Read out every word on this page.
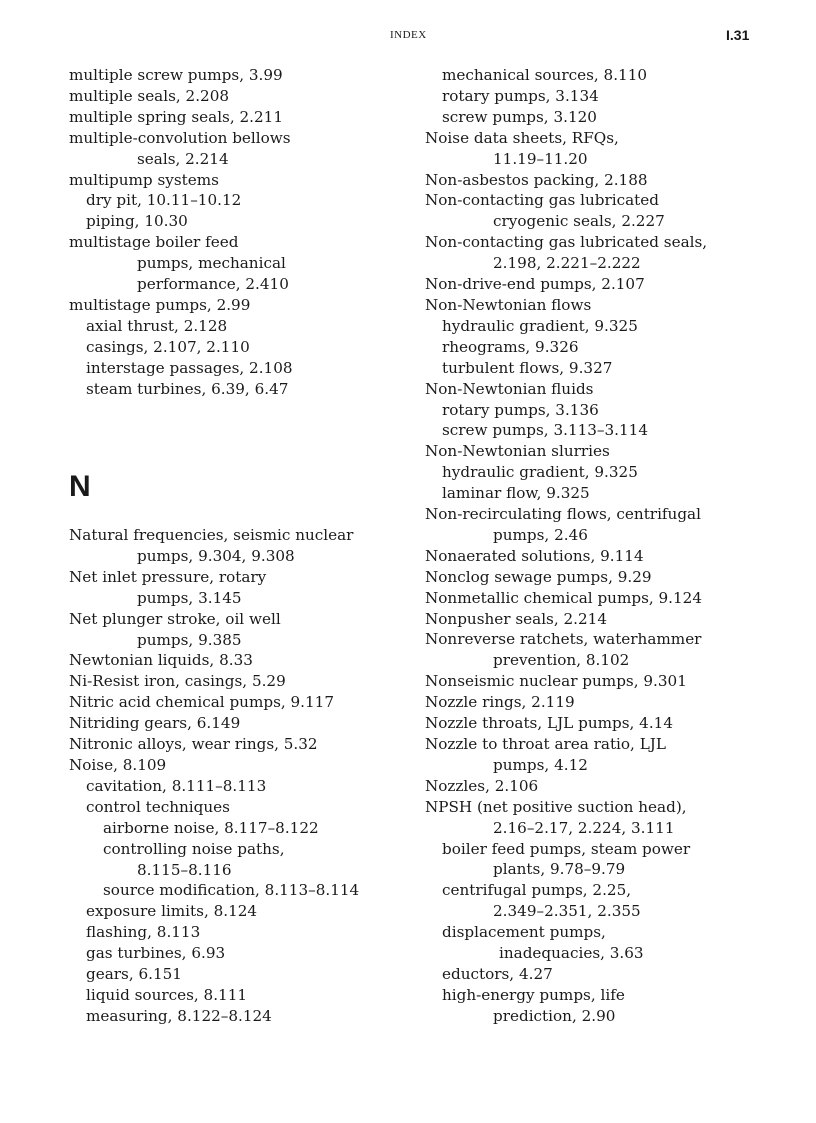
INDEX	I.31
multiple screw pumps, 3.99
multiple seals, 2.208
multiple spring seals, 2.211
multiple-convolution bellows
seals, 2.214
multipump systems
dry pit, 10.11–10.12
piping, 10.30
multistage boiler feed
pumps, mechanical
performance, 2.410
multistage pumps, 2.99
axial thrust, 2.128
casings, 2.107, 2.110
interstage passages, 2.108
steam turbines, 6.39, 6.47
N
Natural frequencies, seismic nuclear
pumps, 9.304, 9.308
Net inlet pressure, rotary
pumps, 3.145
Net plunger stroke, oil well
pumps, 9.385
Newtonian liquids, 8.33
Ni-Resist iron, casings, 5.29
Nitric acid chemical pumps, 9.117
Nitriding gears, 6.149
Nitronic alloys, wear rings, 5.32
Noise, 8.109
cavitation, 8.111–8.113
control techniques
airborne noise, 8.117–8.122
controlling noise paths,
8.115–8.116
source modification, 8.113–8.114
exposure limits, 8.124
flashing, 8.113
gas turbines, 6.93
gears, 6.151
liquid sources, 8.111
measuring, 8.122–8.124
mechanical sources, 8.110
rotary pumps, 3.134
screw pumps, 3.120
Noise data sheets, RFQs,
11.19–11.20
Non-asbestos packing, 2.188
Non-contacting gas lubricated
cryogenic seals, 2.227
Non-contacting gas lubricated seals,
2.198, 2.221–2.222
Non-drive-end pumps, 2.107
Non-Newtonian flows
hydraulic gradient, 9.325
rheograms, 9.326
turbulent flows, 9.327
Non-Newtonian fluids
rotary pumps, 3.136
screw pumps, 3.113–3.114
Non-Newtonian slurries
hydraulic gradient, 9.325
laminar flow, 9.325
Non-recirculating flows, centrifugal
pumps, 2.46
Nonaerated solutions, 9.114
Nonclog sewage pumps, 9.29
Nonmetallic chemical pumps, 9.124
Nonpusher seals, 2.214
Nonreverse ratchets, waterhammer
prevention, 8.102
Nonseismic nuclear pumps, 9.301
Nozzle rings, 2.119
Nozzle throats, LJL pumps, 4.14
Nozzle to throat area ratio, LJL
pumps, 4.12
Nozzles, 2.106
NPSH (net positive suction head),
2.16–2.17, 2.224, 3.111
boiler feed pumps, steam power
plants, 9.78–9.79
centrifugal pumps, 2.25,
2.349–2.351, 2.355
displacement pumps,
inadequacies, 3.63
eductors, 4.27
high-energy pumps, life
prediction, 2.90
